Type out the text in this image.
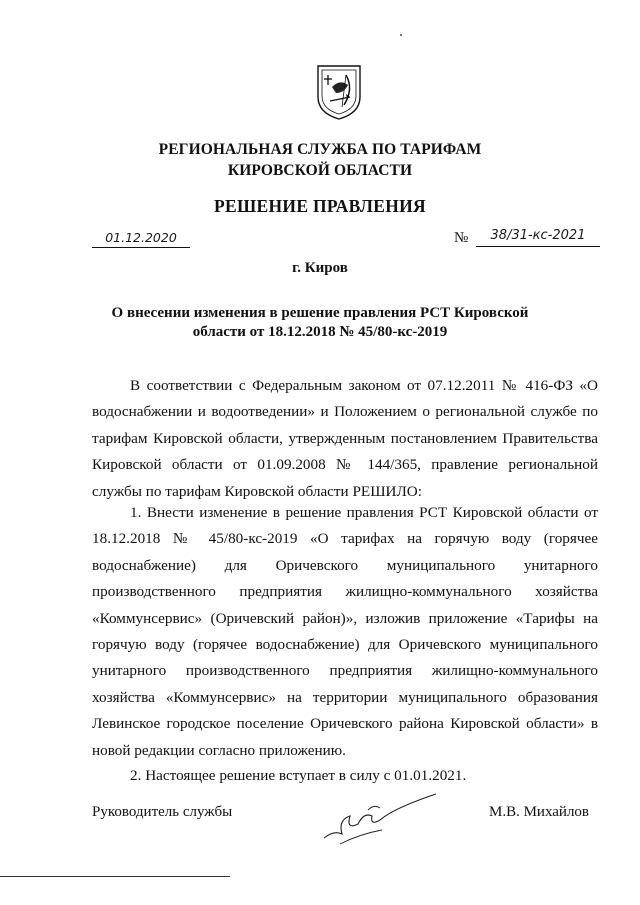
РЕГИОНАЛЬНАЯ СЛУЖБА ПО ТАРИФАМ
КИРОВСКОЙ ОБЛАСТИ
РЕШЕНИЕ ПРАВЛЕНИЯ
01.12.2020	№	38/31-кс-2021
г. Киров
О внесении изменения в решение правления РСТ Кировской
области от 18.12.2018 № 45/80-кс-2019

В соответствии с Федеральным законом от 07.12.2011 № 416-ФЗ «О водоснабжении и водоотведении» и Положением о региональной службе по тарифам Кировской области, утвержденным постановлением Правительства Кировской области от 01.09.2008 № 144/365, правление региональной службы по тарифам Кировской области РЕШИЛО:

1. Внести изменение в решение правления РСТ Кировской области от 18.12.2018 № 45/80-кс-2019 «О тарифах на горячую воду (горячее водоснабжение) для Оричевского муниципального унитарного производственного предприятия жилищно-коммунального хозяйства «Коммунсервис» (Оричевский район)», изложив приложение «Тарифы на горячую воду (горячее водоснабжение) для Оричевского муниципального унитарного производственного предприятия жилищно-коммунального хозяйства «Коммунсервис» на территории муниципального образования Левинское городское поселение Оричевского района Кировской области» в новой редакции согласно приложению.

2. Настоящее решение вступает в силу с 01.01.2021.

Руководитель службы	М.В. Михайлов
